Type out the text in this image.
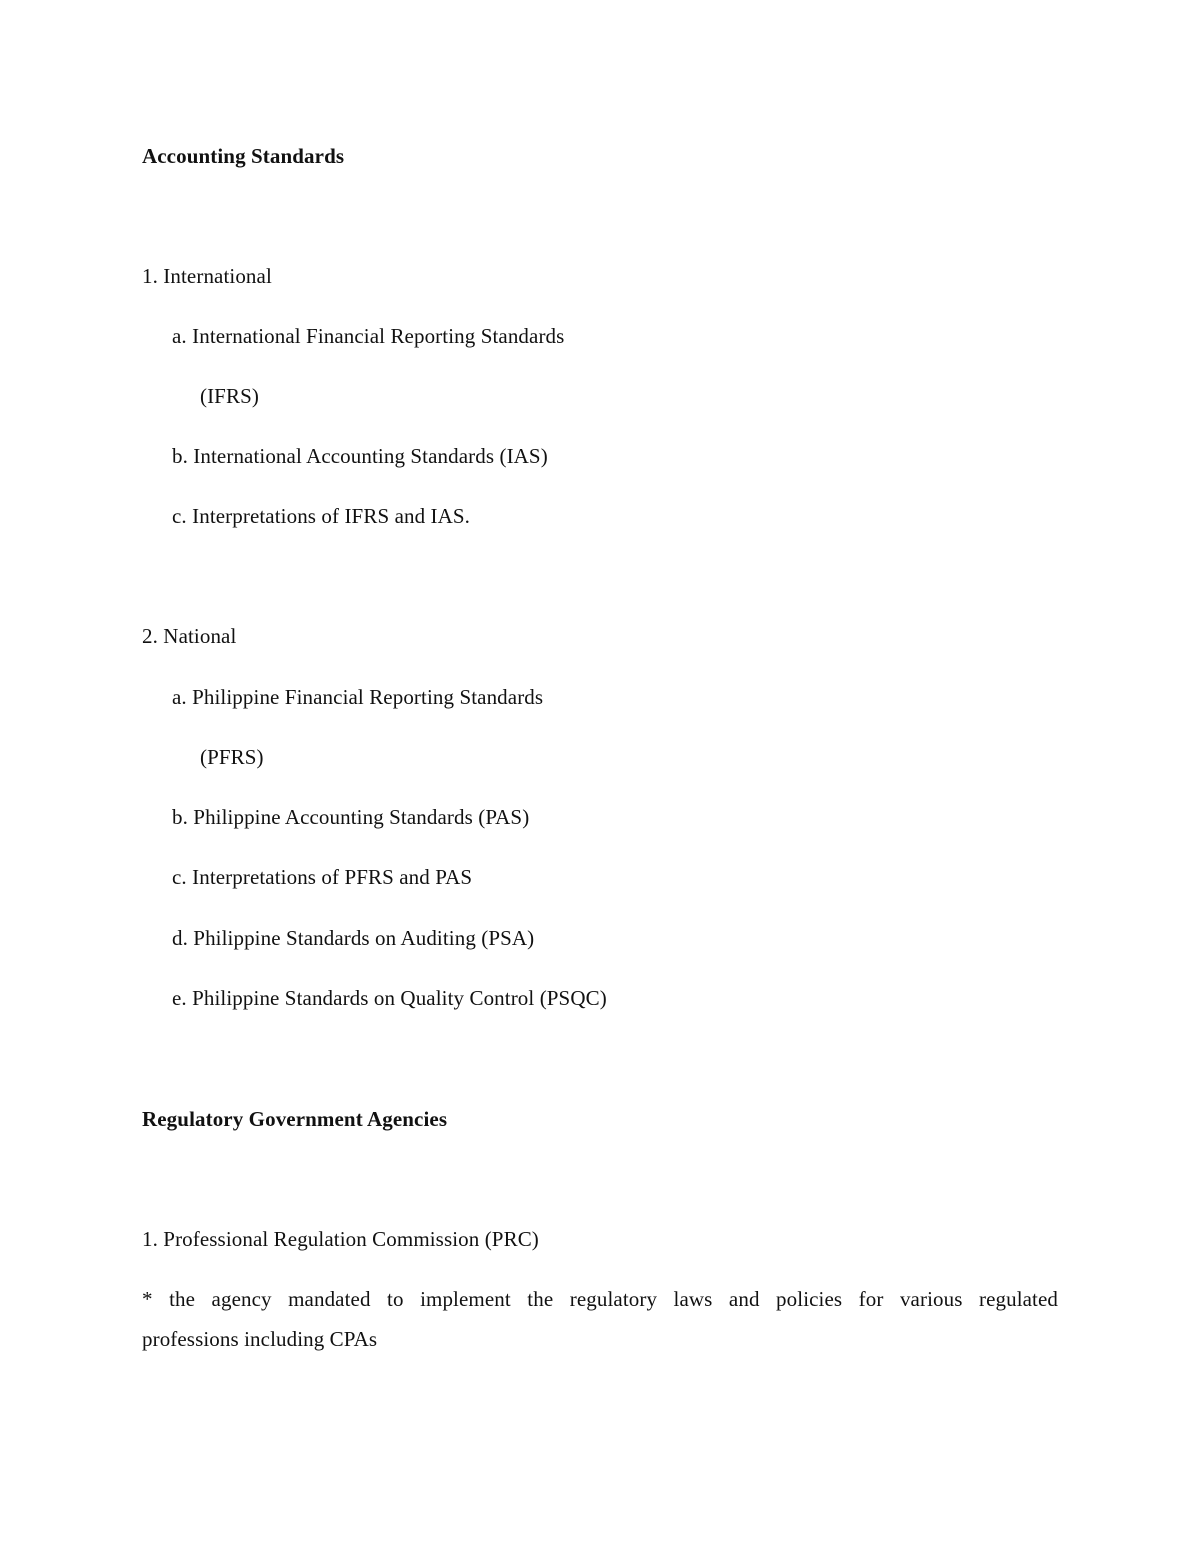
Accounting Standards
1. International
a. International Financial Reporting Standards
(IFRS)
b. International Accounting Standards (IAS)
c. Interpretations of IFRS and IAS.
2. National
a. Philippine Financial Reporting Standards
(PFRS)
b. Philippine Accounting Standards (PAS)
c. Interpretations of PFRS and PAS
d. Philippine Standards on Auditing (PSA)
e. Philippine Standards on Quality Control (PSQC)
Regulatory Government Agencies
1. Professional Regulation Commission (PRC)
* the agency mandated to implement the regulatory laws and policies for various regulated
professions including CPAs
